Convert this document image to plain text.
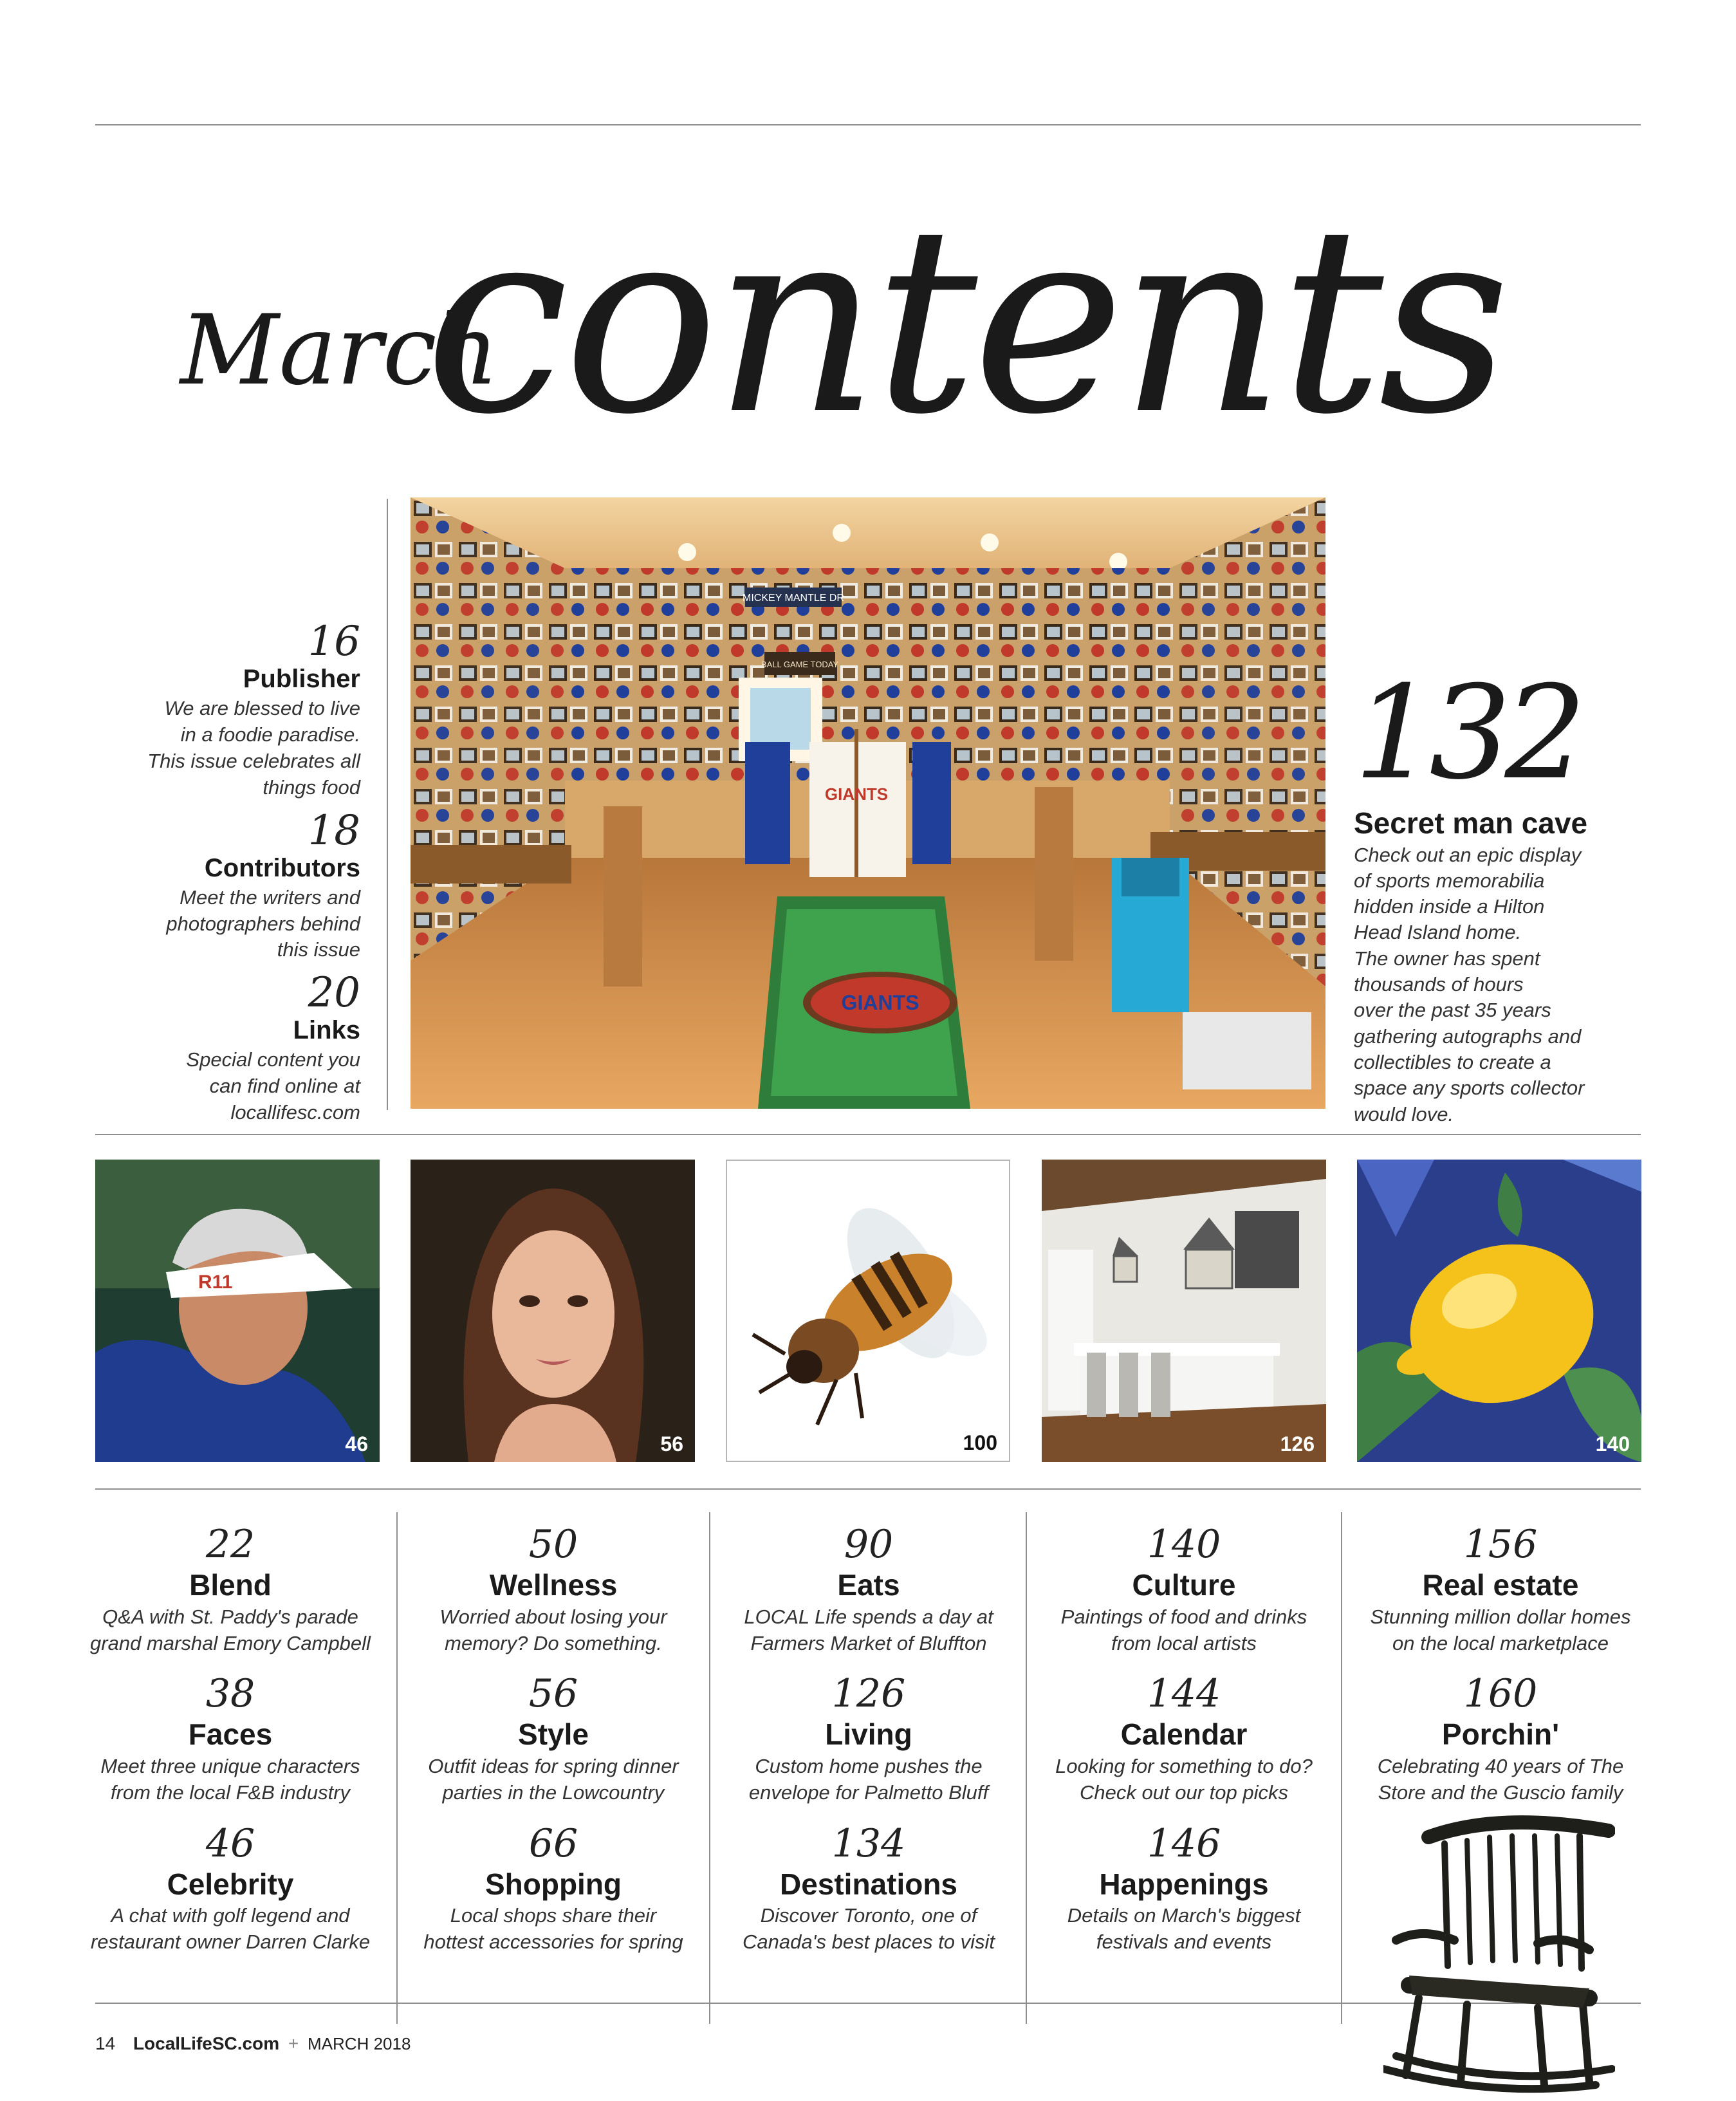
March
contents
16
Publisher
We are blessed to live
in a foodie paradise.
This issue celebrates all
things food
18
Contributors
Meet the writers and
photographers behind
this issue
20
Links
Special content you
can find online at
locallifesc.com
MICKEY MANTLE DR
BALL GAME TODAY
GIANTS
GIANTS	132
Secret man cave
Check out an epic display
of sports memorabilia
hidden inside a Hilton
Head Island home.
The owner has spent
thousands of hours
over the past 35 years
gathering autographs and
collectibles to create a
space any sports collector
would love.
R11
46	56	100	126	140
22
Blend
Q&A with St. Paddy's parade
grand marshal Emory Campbell
38
Faces
Meet three unique characters
from the local F&B industry
46
Celebrity
A chat with golf legend and
restaurant owner Darren Clarke
50
Wellness
Worried about losing your
memory? Do something.
56
Style
Outfit ideas for spring dinner
parties in the Lowcountry
66
Shopping
Local shops share their
hottest accessories for spring
90
Eats
LOCAL Life spends a day at
Farmers Market of Bluffton
126
Living
Custom home pushes the
envelope for Palmetto Bluff
134
Destinations
Discover Toronto, one of
Canada's best places to visit
140
Culture
Paintings of food and drinks
from local artists
144
Calendar
Looking for something to do?
Check out our top picks
146
Happenings
Details on March's biggest
festivals and events
156
Real estate
Stunning million dollar homes
on the local marketplace
160
Porchin'
Celebrating 40 years of The
Store and the Guscio family
14 LocalLifeSC.com + MARCH 2018
